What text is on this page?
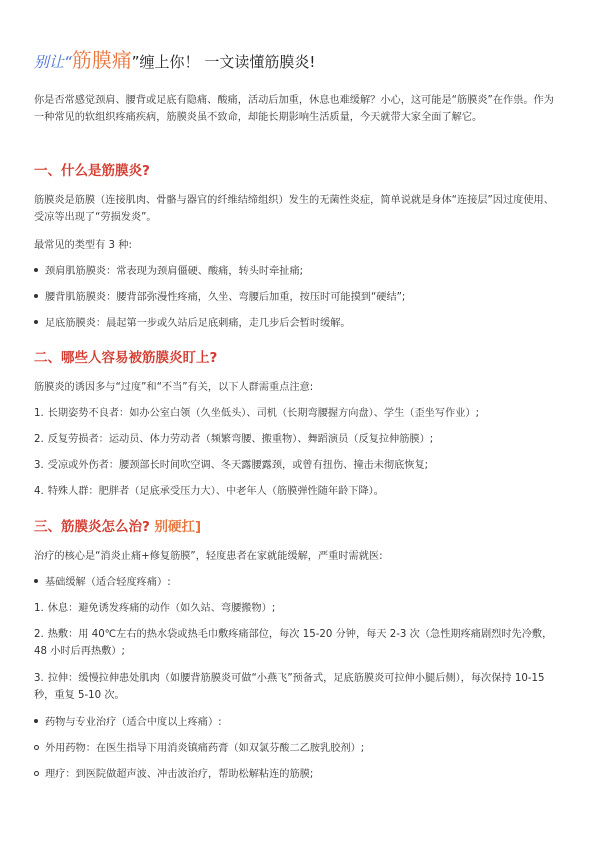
别让“筋膜痛”缠上你！ 一文读懂筋膜炎!

你是否常感觉颈肩、腰背或足底有隐痛、酸痛，活动后加重，休息也难缓解？小心，这可能是“筋膜炎”在作祟。作为一种常见的软组织疼痛疾病，筋膜炎虽不致命，却能长期影响生活质量，今天就带大家全面了解它。

一、什么是筋膜炎?

筋膜炎是筋膜（连接肌肉、骨骼与器官的纤维结缔组织）发生的无菌性炎症，简单说就是身体“连接层”因过度使用、受凉等出现了“劳损发炎”。

最常见的类型有 3 种:

颈肩肌筋膜炎：常表现为颈肩僵硬、酸痛，转头时牵扯痛;

腰背肌筋膜炎：腰背部弥漫性疼痛，久坐、弯腰后加重，按压时可能摸到“硬结”;

足底筋膜炎：晨起第一步或久站后足底刺痛，走几步后会暂时缓解。

二、哪些人容易被筋膜炎盯上?

筋膜炎的诱因多与“过度”和“不当”有关，以下人群需重点注意:

1. 长期姿势不良者：如办公室白领（久坐低头）、司机（长期弯腰握方向盘）、学生（歪坐写作业）;

2. 反复劳损者：运动员、体力劳动者（频繁弯腰、搬重物）、舞蹈演员（反复拉伸筋膜）;

3. 受凉或外伤者：腰颈部长时间吹空调、冬天露腰露颈，或曾有扭伤、撞击未彻底恢复;

4. 特殊人群：肥胖者（足底承受压力大）、中老年人（筋膜弹性随年龄下降）。

三、筋膜炎怎么治? 别硬扛]

治疗的核心是“消炎止痛+修复筋膜”，轻度患者在家就能缓解，严重时需就医:

基础缓解（适合轻度疼痛）:

1. 休息：避免诱发疼痛的动作（如久站、弯腰搬物）;

2. 热敷：用 40℃左右的热水袋或热毛巾敷疼痛部位，每次 15-20 分钟，每天 2-3 次（急性期疼痛剧烈时先冷敷，48 小时后再热敷）;

3. 拉伸：缓慢拉伸患处肌肉（如腰背筋膜炎可做“小燕飞”预备式，足底筋膜炎可拉伸小腿后侧），每次保持 10-15 秒，重复 5-10 次。

药物与专业治疗（适合中度以上疼痛）:

外用药物：在医生指导下用消炎镇痛药膏（如双氯芬酸二乙胺乳胶剂）;

理疗：到医院做超声波、冲击波治疗，帮助松解粘连的筋膜;
